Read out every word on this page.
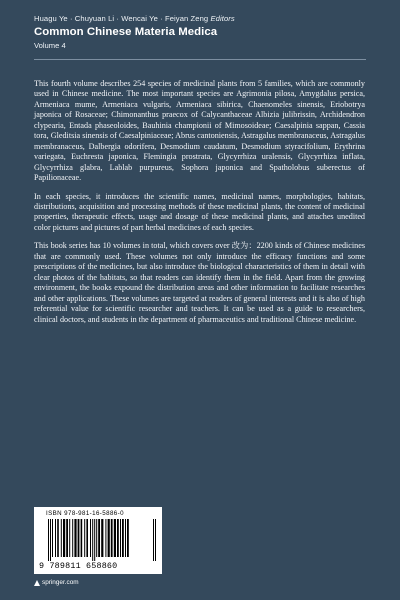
Huagu Ye · Chuyuan Li · Wencai Ye · Feiyan Zeng Editors
Common Chinese Materia Medica
Volume 4

This fourth volume describes 254 species of medicinal plants from 5 families, which are commonly used in Chinese medicine. The most important species are Agrimonia pilosa, Amygdalus persica, Armeniaca mume, Armeniaca vulgaris, Armeniaca sibirica, Chaenomeles sinensis, Eriobotrya japonica of Rosaceae; Chimonanthus praecox of Calycanthaceae Albizia julibrissin, Archidendron clypearia, Entada phaseoloides, Bauhinia championii of Mimosoideae; Caesalpinia sappan, Cassia tora, Gleditsia sinensis of Caesalpiniaceae; Abrus cantoniensis, Astragalus membranaceus, Astragalus membranaceus, Dalbergia odorifera, Desmodium caudatum, Desmodium styracifolium, Erythrina variegata, Euchresta japonica, Flemingia prostrata, Glycyrrhiza uralensis, Glycyrrhiza inflata, Glycyrrhiza glabra, Lablab purpureus, Sophora japonica and Spatholobus suberectus of Papilionaceae.

In each species, it introduces the scientific names, medicinal names, morphologies, habitats, distributions, acquisition and processing methods of these medicinal plants, the content of medicinal properties, therapeutic effects, usage and dosage of these medicinal plants, and attaches unedited color pictures and pictures of part herbal medicines of each species.

This book series has 10 volumes in total, which covers over 改为：2200 kinds of Chinese medicines that are commonly used. These volumes not only introduce the efficacy functions and some prescriptions of the medicines, but also introduce the biological characteristics of them in detail with clear photos of the habitats, so that readers can identify them in the field. Apart from the growing environment, the books expound the distribution areas and other information to facilitate researches and other applications. These volumes are targeted at readers of general interests and it is also of high referential value for scientific researcher and teachers. It can be used as a guide to researchers, clinical doctors, and students in the department of pharmaceutics and traditional Chinese medicine.

ISBN 978-981-16-5886-0
9 789811 658860
springer.com
